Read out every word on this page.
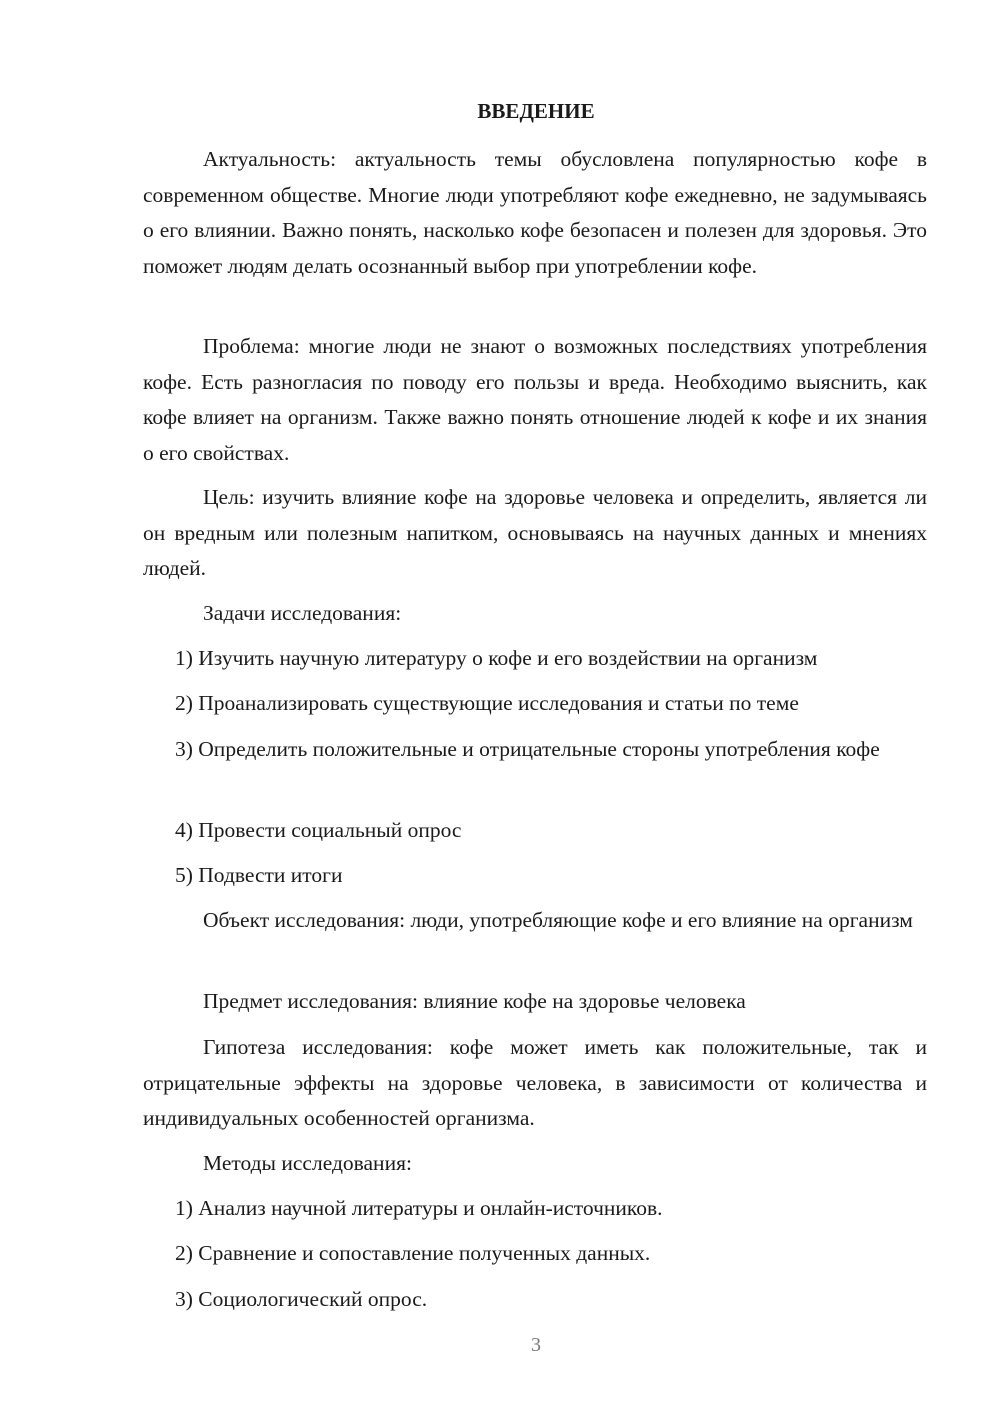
ВВЕДЕНИЕ

Актуальность: актуальность темы обусловлена популярностью кофе в современном обществе. Многие люди употребляют кофе ежедневно, не задумываясь о его влиянии. Важно понять, насколько кофе безопасен и полезен для здоровья. Это поможет людям делать осознанный выбор при употреблении кофе.

Проблема: многие люди не знают о возможных последствиях употребления кофе. Есть разногласия по поводу его пользы и вреда. Необходимо выяснить, как кофе влияет на организм. Также важно понять отношение людей к кофе и их знания о его свойствах.

Цель: изучить влияние кофе на здоровье человека и определить, является ли он вредным или полезным напитком, основываясь на научных данных и мнениях людей.

Задачи исследования:

1) Изучить научную литературу о кофе и его воздействии на организм

2) Проанализировать существующие исследования и статьи по теме

3) Определить положительные и отрицательные стороны употребления кофе

4) Провести социальный опрос

5) Подвести итоги

Объект исследования: люди, употребляющие кофе и его влияние на организм

Предмет исследования: влияние кофе на здоровье человека

Гипотеза исследования: кофе может иметь как положительные, так и отрицательные эффекты на здоровье человека, в зависимости от количества и индивидуальных особенностей организма.

Методы исследования:

1) Анализ научной литературы и онлайн-источников.

2) Сравнение и сопоставление полученных данных.

3) Социологический опрос.

3
